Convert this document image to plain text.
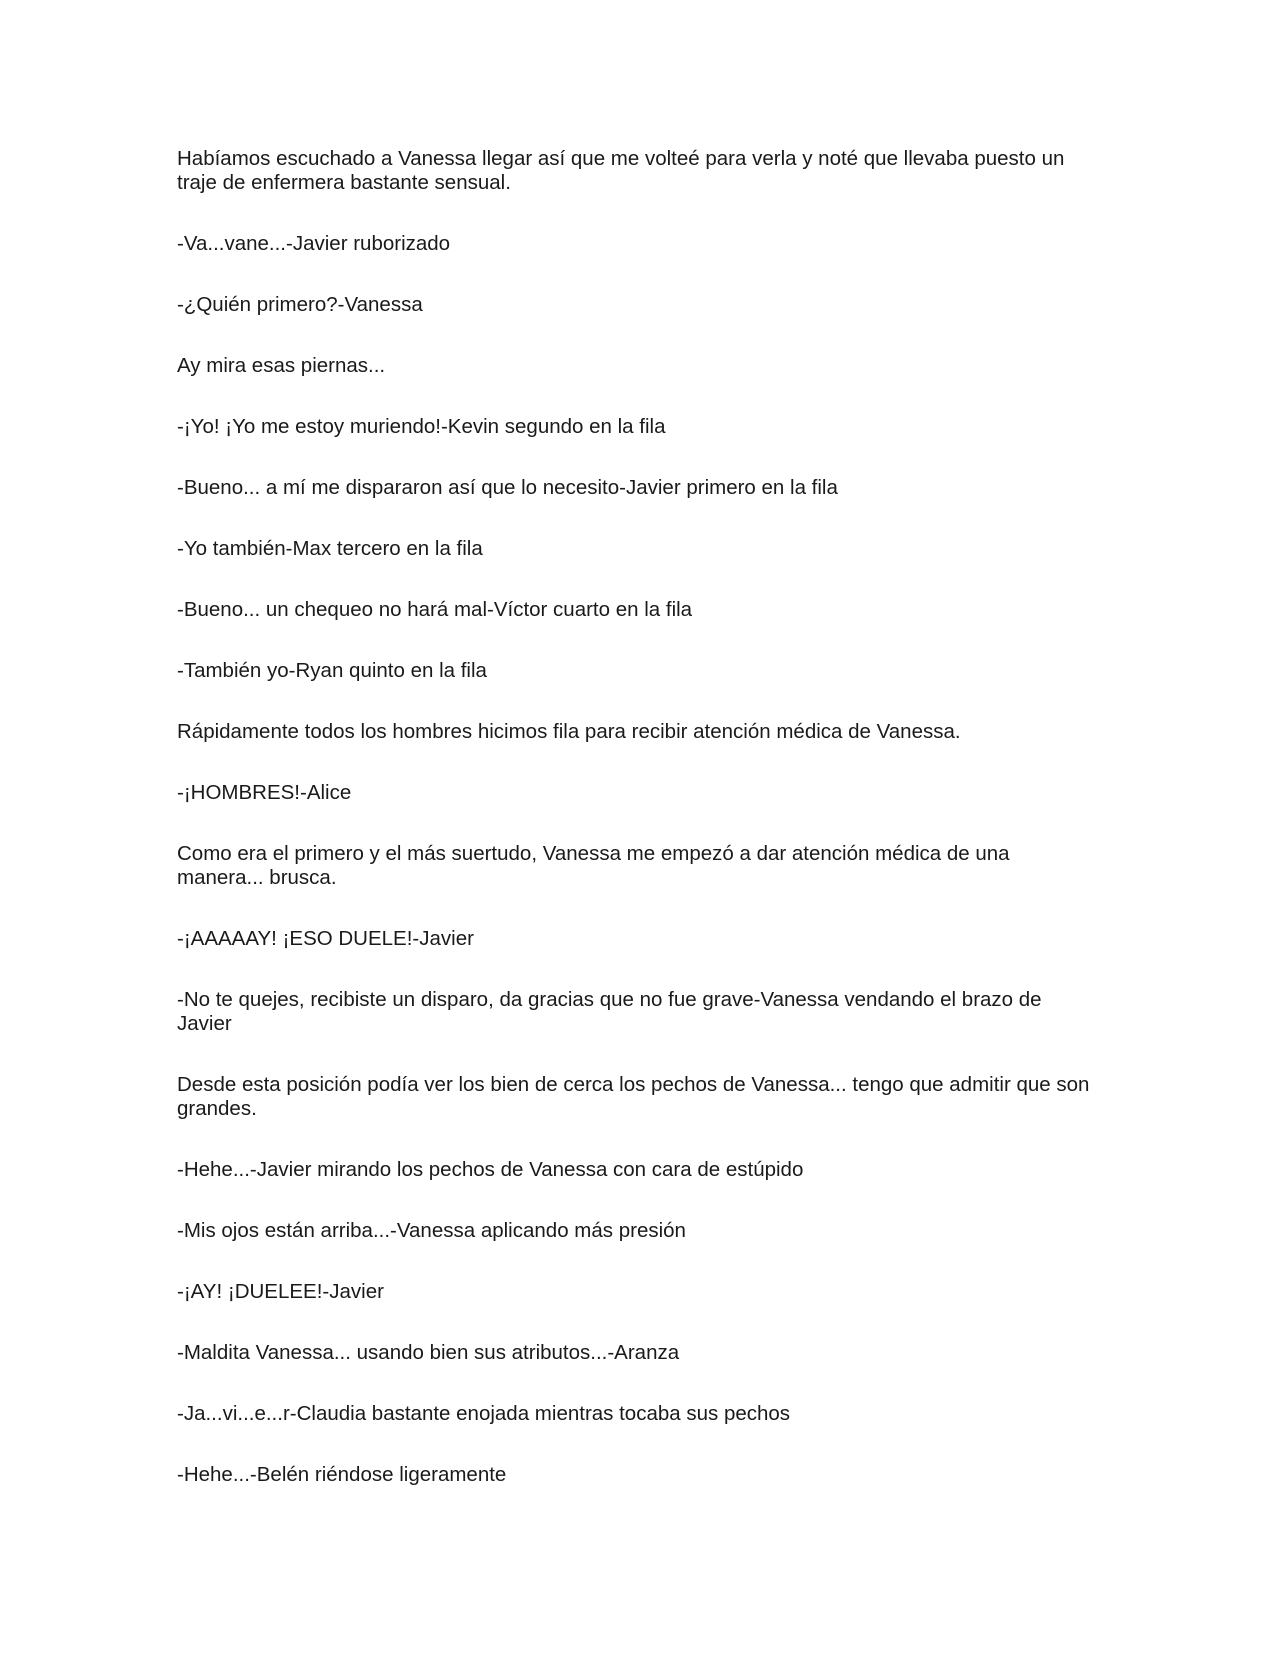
Habíamos escuchado a Vanessa llegar así que me volteé para verla y noté que llevaba puesto un traje de enfermera bastante sensual.

-Va...vane...-Javier ruborizado

-¿Quién primero?-Vanessa

Ay mira esas piernas...

-¡Yo! ¡Yo me estoy muriendo!-Kevin segundo en la fila

-Bueno... a mí me dispararon así que lo necesito-Javier primero en la fila

-Yo también-Max tercero en la fila

-Bueno... un chequeo no hará mal-Víctor cuarto en la fila

-También yo-Ryan quinto en la fila

Rápidamente todos los hombres hicimos fila para recibir atención médica de Vanessa.

-¡HOMBRES!-Alice

Como era el primero y el más suertudo, Vanessa me empezó a dar atención médica de una manera... brusca.

-¡AAAAAY! ¡ESO DUELE!-Javier

-No te quejes, recibiste un disparo, da gracias que no fue grave-Vanessa vendando el brazo de Javier

Desde esta posición podía ver los bien de cerca los pechos de Vanessa... tengo que admitir que son grandes.

-Hehe...-Javier mirando los pechos de Vanessa con cara de estúpido

-Mis ojos están arriba...-Vanessa aplicando más presión

-¡AY! ¡DUELEE!-Javier

-Maldita Vanessa... usando bien sus atributos...-Aranza

-Ja...vi...e...r-Claudia bastante enojada mientras tocaba sus pechos

-Hehe...-Belén riéndose ligeramente
